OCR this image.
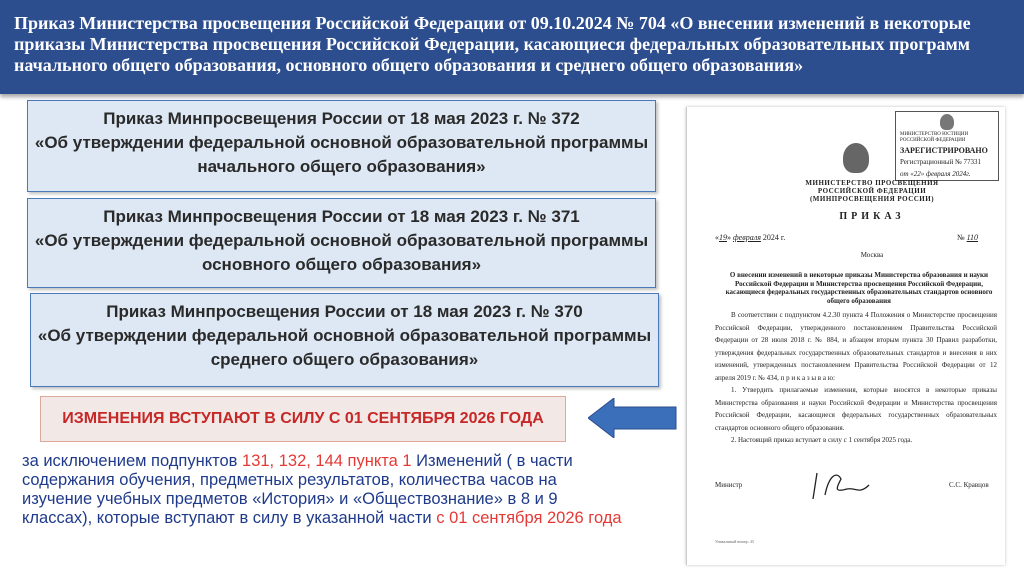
Приказ Министерства просвещения Российской Федерации от 09.10.2024 № 704 «О внесении изменений в некоторые приказы Министерства просвещения Российской Федерации, касающиеся федеральных образовательных программ начального общего образования, основного общего образования и среднего общего образования»
Приказ Минпросвещения России от 18 мая 2023 г. № 372
«Об утверждении федеральной основной образовательной программы
начального общего образования»
Приказ Минпросвещения России от 18 мая 2023 г. № 371
«Об утверждении федеральной основной образовательной программы
основного общего образования»
Приказ Минпросвещения России от 18 мая 2023 г. № 370
«Об утверждении федеральной основной образовательной программы
среднего общего образования»
ИЗМЕНЕНИЯ ВСТУПАЮТ В СИЛУ С 01 СЕНТЯБРЯ 2026 ГОДА
за исключением подпунктов 131, 132, 144 пункта 1 Изменений ( в части содержания обучения, предметных результатов, количества часов на изучение учебных предметов «История» и «Обществознание» в 8 и 9 классах), которые вступают в силу в указанной части с 01 сентября 2026 года
МИНИСТЕРСТВО ЮСТИЦИИ РОССИЙСКОЙ ФЕДЕРАЦИИ
ЗАРЕГИСТРИРОВАНО
Регистрационный № 77331
от «22» февраля 2024г.
МИНИСТЕРСТВО ПРОСВЕЩЕНИЯ
РОССИЙСКОЙ ФЕДЕРАЦИИ
(МИНПРОСВЕЩЕНИЯ РОССИИ)
ПРИКАЗ
«19» февраля 2024 г.	№ 110
Москва
О внесении изменений в некоторые приказы Министерства образования и науки Российской Федерации и Министерства просвещения Российской Федерации, касающиеся федеральных государственных образовательных стандартов основного общего образования

В соответствии с подпунктом 4.2.30 пункта 4 Положения о Министерстве просвещения Российской Федерации, утвержденного постановлением Правительства Российской Федерации от 28 июля 2018 г. № 884, и абзацем вторым пункта 30 Правил разработки, утверждения федеральных государственных образовательных стандартов и внесения в них изменений, утвержденных постановлением Правительства Российской Федерации от 12 апреля 2019 г. № 434, п р и к а з ы в а ю:

1. Утвердить прилагаемые изменения, которые вносятся в некоторые приказы Министерства образования и науки Российской Федерации и Министерства просвещения Российской Федерации, касающиеся федеральных государственных образовательных стандартов основного общего образования.

2. Настоящий приказ вступает в силу с 1 сентября 2025 года.

Министр	С.С. Кравцов
Уникальный номер: 43
